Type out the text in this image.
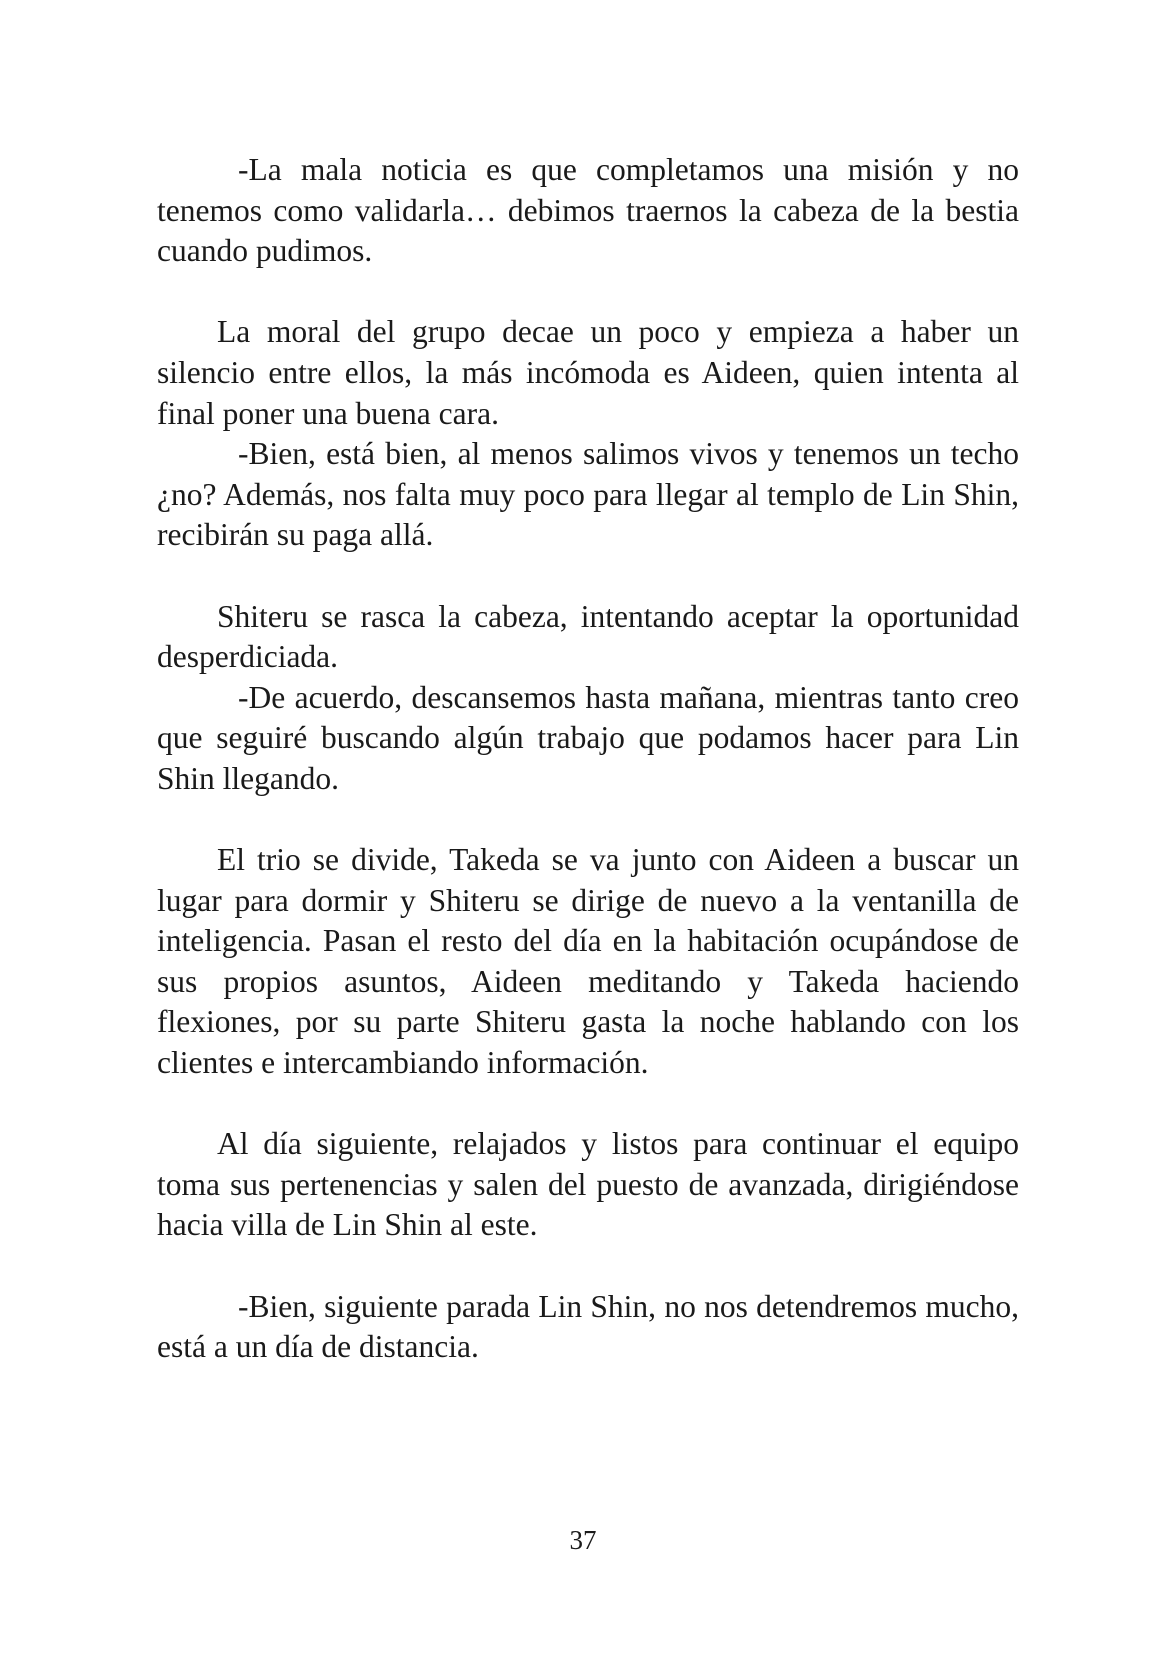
-La mala noticia es que completamos una misión y no tenemos como validarla… debimos traernos la cabeza de la bestia cuando pudimos.

La moral del grupo decae un poco y empieza a haber un silencio entre ellos, la más incómoda es Aideen, quien intenta al final poner una buena cara.

-Bien, está bien, al menos salimos vivos y tenemos un techo ¿no? Además, nos falta muy poco para llegar al templo de Lin Shin, recibirán su paga allá.

Shiteru se rasca la cabeza, intentando aceptar la oportunidad desperdiciada.

-De acuerdo, descansemos hasta mañana, mientras tanto creo que seguiré buscando algún trabajo que podamos hacer para Lin Shin llegando.

El trio se divide, Takeda se va junto con Aideen a buscar un lugar para dormir y Shiteru se dirige de nuevo a la ventanilla de inteligencia. Pasan el resto del día en la habitación ocupándose de sus propios asuntos, Aideen meditando y Takeda haciendo flexiones, por su parte Shiteru gasta la noche hablando con los clientes e intercambiando información.

Al día siguiente, relajados y listos para continuar el equipo toma sus pertenencias y salen del puesto de avanzada, dirigiéndose hacia villa de Lin Shin al este.

-Bien, siguiente parada Lin Shin, no nos detendremos mucho, está a un día de distancia.

37
